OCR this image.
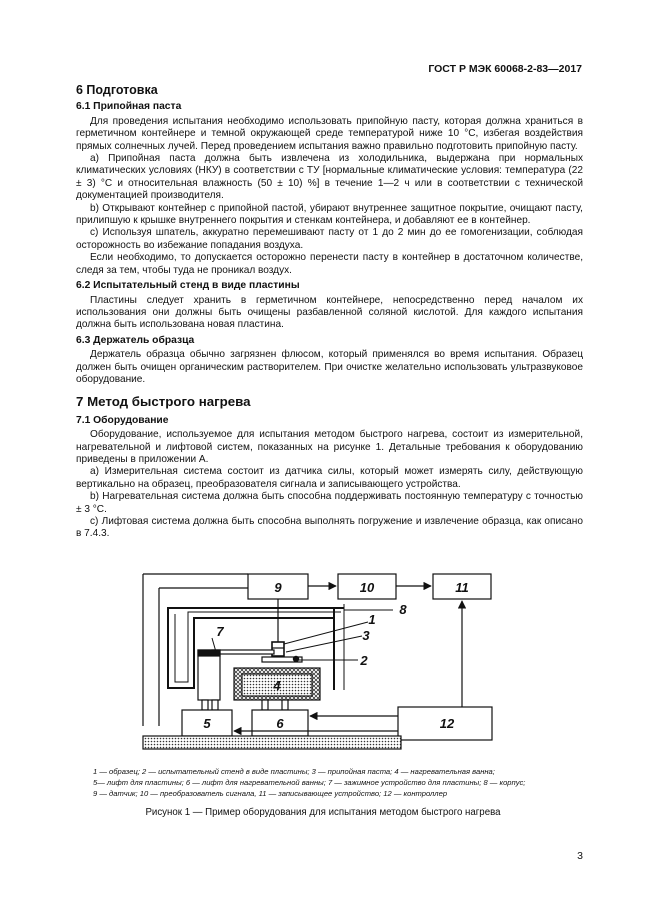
ГОСТ Р МЭК 60068-2-83—2017
6 Подготовка
6.1 Припойная паста

Для проведения испытания необходимо использовать припойную пасту, которая должна храниться в герметичном контейнере и темной окружающей среде температурой ниже 10 °С, избегая воздействия прямых солнечных лучей. Перед проведением испытания важно правильно подготовить припойную пасту.

а) Припойная паста должна быть извлечена из холодильника, выдержана при нормальных климатических условиях (НКУ) в соответствии с ТУ [нормальные климатические условия: температура (22 ± 3) °С и относительная влажность (50 ± 10) %] в течение 1—2 ч или в соответствии с технической документацией производителя.

b) Открывают контейнер с припойной пастой, убирают внутреннее защитное покрытие, очищают пасту, прилипшую к крышке внутреннего покрытия и стенкам контейнера, и добавляют ее в контейнер.

с) Используя шпатель, аккуратно перемешивают пасту от 1 до 2 мин до ее гомогенизации, соблюдая осторожность во избежание попадания воздуха.

Если необходимо, то допускается осторожно перенести пасту в контейнер в достаточном количестве, следя за тем, чтобы туда не проникал воздух.

6.2 Испытательный стенд в виде пластины

Пластины следует хранить в герметичном контейнере, непосредственно перед началом их использования они должны быть очищены разбавленной соляной кислотой. Для каждого испытания должна быть использована новая пластина.

6.3 Держатель образца

Держатель образца обычно загрязнен флюсом, который применялся во время испытания. Образец должен быть очищен органическим растворителем. При очистке желательно использовать ультразвуковое оборудование.

7 Метод быстрого нагрева
7.1 Оборудование

Оборудование, используемое для испытания методом быстрого нагрева, состоит из измерительной, нагревательной и лифтовой систем, показанных на рисунке 1. Детальные требования к оборудованию приведены в приложении А.

а) Измерительная система состоит из датчика силы, который может измерять силу, действующую вертикально на образец, преобразователя сигнала и записывающего устройства.

b) Нагревательная система должна быть способна поддерживать постоянную температуру с точностью ± 3 °С.

с) Лифтовая система должна быть способна выполнять погружение и извлечение образца, как описано в 7.4.3.

9	10	11
12
5	6
4
7
8
1
3
2
1 — образец; 2 — испытательный стенд в виде пластины; 3 — припойная паста; 4 — нагревательная ванна;
5— лифт для пластины; 6 — лифт для нагревательной ванны; 7 — зажимное устройство для пластины; 8 — корпус;
9 — датчик; 10 — преобразователь сигнала, 11 — записывающее устройство; 12 — контроллер
Рисунок 1 — Пример оборудования для испытания методом быстрого нагрева
3
